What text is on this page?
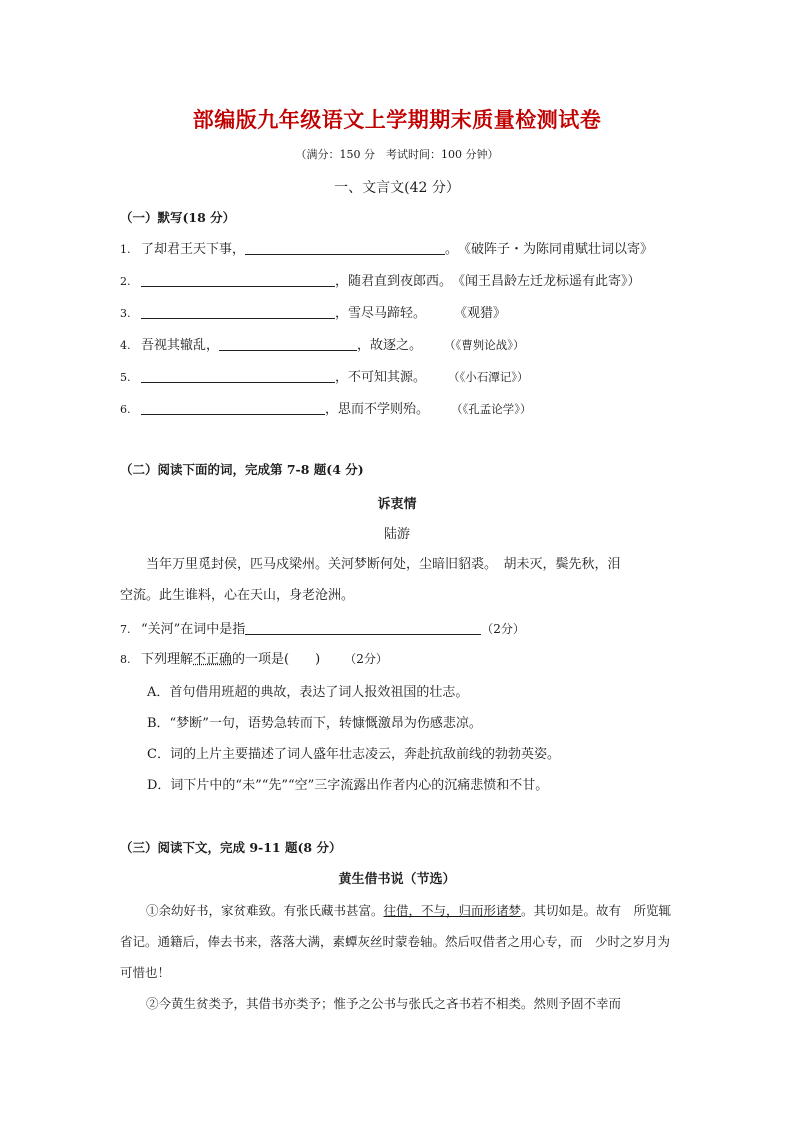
部编版九年级语文上学期期末质量检测试卷
（满分：150 分　考试时间：100 分钟）
一、文言文(42 分）
（一）默写(18 分）
1. 了却君王天下事，	。《破阵子・为陈同甫赋壮词以寄》
2.	，随君直到夜郎西。《闻王昌龄左迁龙标遥有此寄》）
3.	，雪尽马蹄轻。 《观猎》
4. 吾视其辙乱，	，故逐之。 （《曹刿论战》）
5.	，不可知其源。 （《小石潭记》）
6.	，思而不学则殆。 （《孔孟论学》）
（二）阅读下面的词，完成第 7-8 题(4 分)
诉衷情
陆游
当年万里觅封侯，匹马戍梁州。关河梦断何处，尘暗旧貂裘。　胡未灭，鬓先秋，泪
空流。此生谁料，心在天山，身老沧洲。
7. “关河”在词中是指	（2分）
8. 下列理解不正确的一项是(　　) （2分）
A．首句借用班超的典故，表达了词人报效祖国的壮志。
B．“梦断”一句，语势急转而下，转慷慨激昂为伤感悲凉。
C．词的上片主要描述了词人盛年壮志凌云，奔赴抗敌前线的勃勃英姿。
D．词下片中的“未”“先”“空”三字流露出作者内心的沉痛悲愤和不甘。
（三）阅读下文，完成 9-11 题(8 分）
黄生借书说（节选）
①余幼好书，家贫难致。有张氏藏书甚富。往借，不与，归而形诸梦。其切如是。故有　所览辄省记。通籍后，俸去书来，落落大满，素蟫灰丝时蒙卷轴。然后叹借者之用心专，而　少时之岁月为可惜也！
②今黄生贫类予，其借书亦类予；惟予之公书与张氏之吝书若不相类。然则予固不幸而
